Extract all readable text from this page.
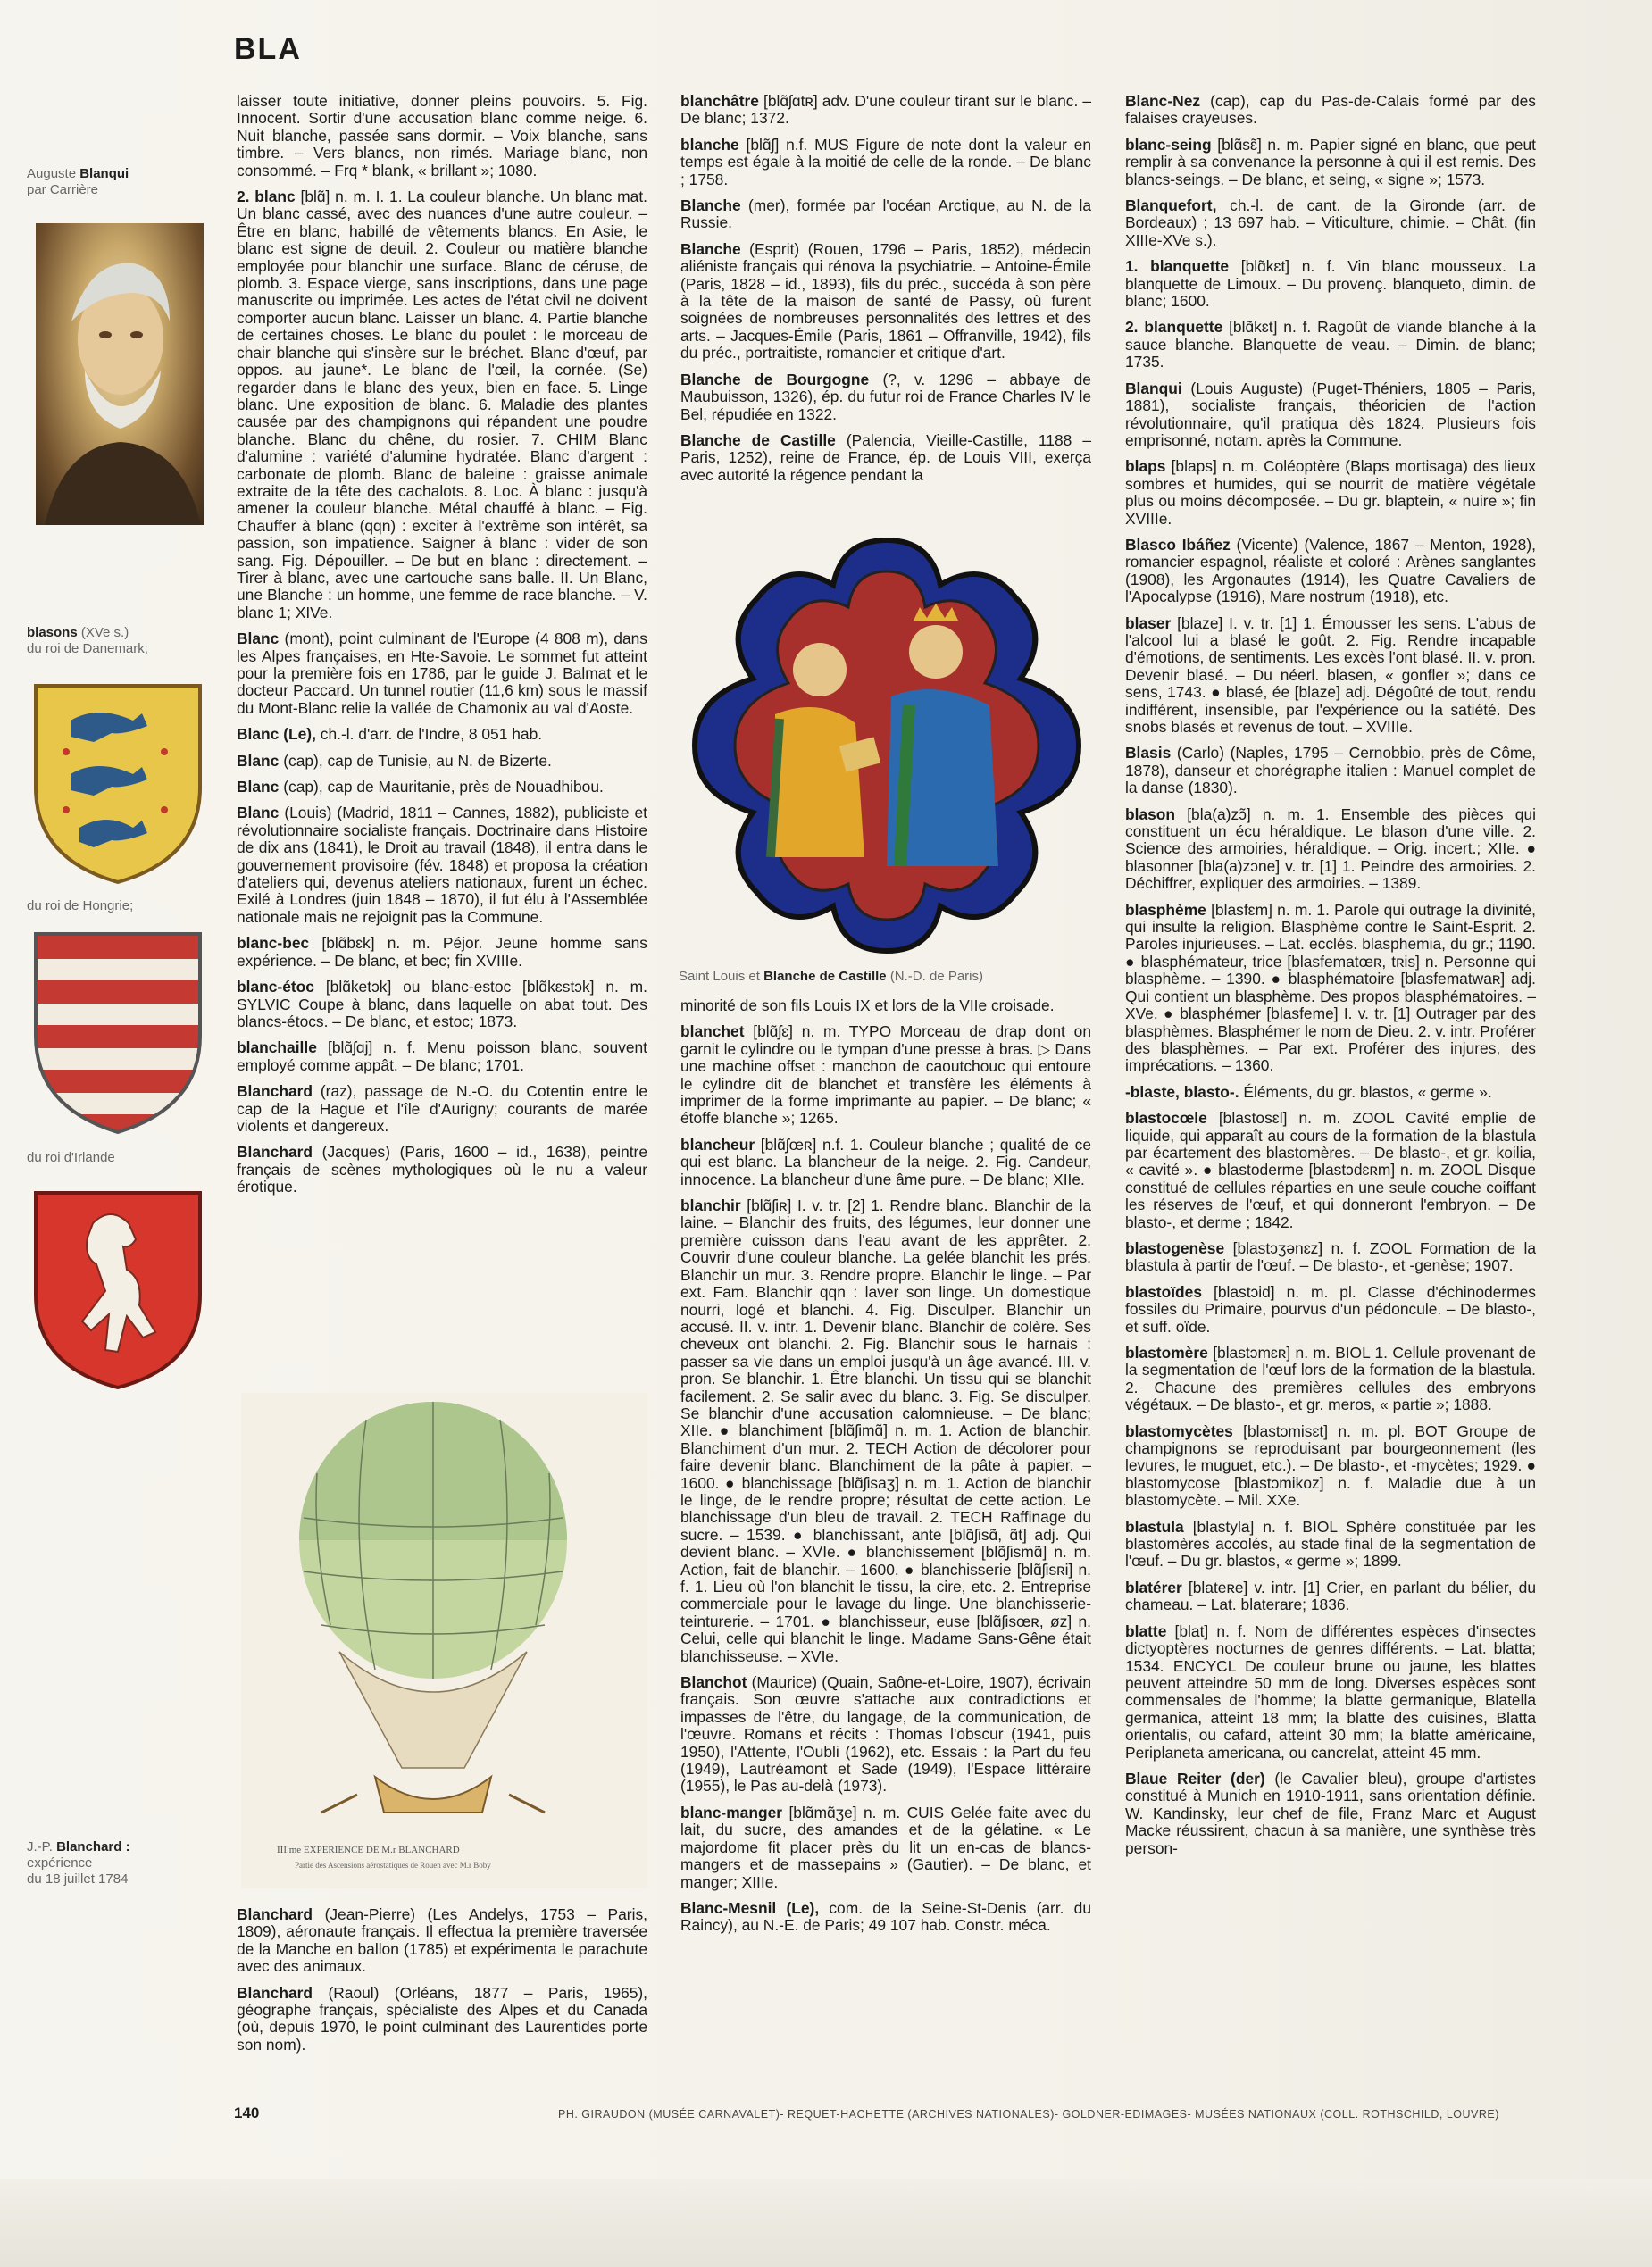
BLA
Auguste Blanqui
par Carrière
blasons (XVe s.)
du roi de Danemark;
du roi de Hongrie;
du roi d'Irlande
III.me EXPERIENCE DE M.r BLANCHARD
Partie des Ascensions aérostatiques de Rouen avec M.r Boby
J.-P. Blanchard :
expérience
du 18 juillet 1784

laisser toute initiative, donner pleins pouvoirs. 5. Fig. Innocent. Sortir d'une accusation blanc comme neige. 6. Nuit blanche, passée sans dormir. – Voix blanche, sans timbre. – Vers blancs, non rimés. Mariage blanc, non consommé. – Frq * blank, « brillant »; 1080.

2. blanc [blɑ̃] n. m. I. 1. La couleur blanche. Un blanc mat. Un blanc cassé, avec des nuances d'une autre couleur. – Être en blanc, habillé de vêtements blancs. En Asie, le blanc est signe de deuil. 2. Couleur ou matière blanche employée pour blanchir une surface. Blanc de céruse, de plomb. 3. Espace vierge, sans inscriptions, dans une page manuscrite ou imprimée. Les actes de l'état civil ne doivent comporter aucun blanc. Laisser un blanc. 4. Partie blanche de certaines choses. Le blanc du poulet : le morceau de chair blanche qui s'insère sur le bréchet. Blanc d'œuf, par oppos. au jaune*. Le blanc de l'œil, la cornée. (Se) regarder dans le blanc des yeux, bien en face. 5. Linge blanc. Une exposition de blanc. 6. Maladie des plantes causée par des champignons qui répandent une poudre blanche. Blanc du chêne, du rosier. 7. CHIM Blanc d'alumine : variété d'alumine hydratée. Blanc d'argent : carbonate de plomb. Blanc de baleine : graisse animale extraite de la tête des cachalots. 8. Loc. À blanc : jusqu'à amener la couleur blanche. Métal chauffé à blanc. – Fig. Chauffer à blanc (qqn) : exciter à l'extrême son intérêt, sa passion, son impatience. Saigner à blanc : vider de son sang. Fig. Dépouiller. – De but en blanc : directement. – Tirer à blanc, avec une cartouche sans balle. II. Un Blanc, une Blanche : un homme, une femme de race blanche. – V. blanc 1; XIVe.

Blanc (mont), point culminant de l'Europe (4 808 m), dans les Alpes françaises, en Hte-Savoie. Le sommet fut atteint pour la première fois en 1786, par le guide J. Balmat et le docteur Paccard. Un tunnel routier (11,6 km) sous le massif du Mont-Blanc relie la vallée de Chamonix au val d'Aoste.

Blanc (Le), ch.-l. d'arr. de l'Indre, 8 051 hab.

Blanc (cap), cap de Tunisie, au N. de Bizerte.

Blanc (cap), cap de Mauritanie, près de Nouadhibou.

Blanc (Louis) (Madrid, 1811 – Cannes, 1882), publiciste et révolutionnaire socialiste français. Doctrinaire dans Histoire de dix ans (1841), le Droit au travail (1848), il entra dans le gouvernement provisoire (fév. 1848) et proposa la création d'ateliers qui, devenus ateliers nationaux, furent un échec. Exilé à Londres (juin 1848 – 1870), il fut élu à l'Assemblée nationale mais ne rejoignit pas la Commune.

blanc-bec [blɑ̃bɛk] n. m. Péjor. Jeune homme sans expérience. – De blanc, et bec; fin XVIIIe.

blanc-étoc [blɑ̃ketɔk] ou blanc-estoc [blɑ̃kɛstɔk] n. m. SYLVIC Coupe à blanc, dans laquelle on abat tout. Des blancs-étocs. – De blanc, et estoc; 1873.

blanchaille [blɑ̃ʃɑj] n. f. Menu poisson blanc, souvent employé comme appât. – De blanc; 1701.

Blanchard (raz), passage de N.-O. du Cotentin entre le cap de la Hague et l'île d'Aurigny; courants de marée violents et dangereux.

Blanchard (Jacques) (Paris, 1600 – id., 1638), peintre français de scènes mythologiques où le nu a valeur érotique.

Blanchard (Jean-Pierre) (Les Andelys, 1753 – Paris, 1809), aéronaute français. Il effectua la première traversée de la Manche en ballon (1785) et expérimenta le parachute avec des animaux.

Blanchard (Raoul) (Orléans, 1877 – Paris, 1965), géographe français, spécialiste des Alpes et du Canada (où, depuis 1970, le point culminant des Laurentides porte son nom).

blanchâtre [blɑ̃ʃɑtʀ] adv. D'une couleur tirant sur le blanc. – De blanc; 1372.

blanche [blɑ̃ʃ] n.f. MUS Figure de note dont la valeur en temps est égale à la moitié de celle de la ronde. – De blanc ; 1758.

Blanche (mer), formée par l'océan Arctique, au N. de la Russie.

Blanche (Esprit) (Rouen, 1796 – Paris, 1852), médecin aliéniste français qui rénova la psychiatrie. – Antoine-Émile (Paris, 1828 – id., 1893), fils du préc., succéda à son père à la tête de la maison de santé de Passy, où furent soignées de nombreuses personnalités des lettres et des arts. – Jacques-Émile (Paris, 1861 – Offranville, 1942), fils du préc., portraitiste, romancier et critique d'art.

Blanche de Bourgogne (?, v. 1296 – abbaye de Maubuisson, 1326), ép. du futur roi de France Charles IV le Bel, répudiée en 1322.

Blanche de Castille (Palencia, Vieille-Castille, 1188 – Paris, 1252), reine de France, ép. de Louis VIII, exerça avec autorité la régence pendant la

Saint Louis et Blanche de Castille (N.-D. de Paris)

minorité de son fils Louis IX et lors de la VIIe croisade.

blanchet [blɑ̃ʃɛ] n. m. TYPO Morceau de drap dont on garnit le cylindre ou le tympan d'une presse à bras. ▷ Dans une machine offset : manchon de caoutchouc qui entoure le cylindre dit de blanchet et transfère les éléments à imprimer de la forme imprimante au papier. – De blanc; « étoffe blanche »; 1265.

blancheur [blɑ̃ʃœʀ] n.f. 1. Couleur blanche ; qualité de ce qui est blanc. La blancheur de la neige. 2. Fig. Candeur, innocence. La blancheur d'une âme pure. – De blanc; XIIe.

blanchir [blɑ̃ʃiʀ] I. v. tr. [2] 1. Rendre blanc. Blanchir de la laine. – Blanchir des fruits, des légumes, leur donner une première cuisson dans l'eau avant de les apprêter. 2. Couvrir d'une couleur blanche. La gelée blanchit les prés. Blanchir un mur. 3. Rendre propre. Blanchir le linge. – Par ext. Fam. Blanchir qqn : laver son linge. Un domestique nourri, logé et blanchi. 4. Fig. Disculper. Blanchir un accusé. II. v. intr. 1. Devenir blanc. Blanchir de colère. Ses cheveux ont blanchi. 2. Fig. Blanchir sous le harnais : passer sa vie dans un emploi jusqu'à un âge avancé. III. v. pron. Se blanchir. 1. Être blanchi. Un tissu qui se blanchit facilement. 2. Se salir avec du blanc. 3. Fig. Se disculper. Se blanchir d'une accusation calomnieuse. – De blanc; XIIe. ● blanchiment [blɑ̃ʃimɑ̃] n. m. 1. Action de blanchir. Blanchiment d'un mur. 2. TECH Action de décolorer pour faire devenir blanc. Blanchiment de la pâte à papier. – 1600. ● blanchissage [blɑ̃ʃisaʒ] n. m. 1. Action de blanchir le linge, de le rendre propre; résultat de cette action. Le blanchissage d'un bleu de travail. 2. TECH Raffinage du sucre. – 1539. ● blanchissant, ante [blɑ̃ʃisɑ̃, ɑ̃t] adj. Qui devient blanc. – XVIe. ● blanchissement [blɑ̃ʃismɑ̃] n. m. Action, fait de blanchir. – 1600. ● blanchisserie [blɑ̃ʃisʀi] n. f. 1. Lieu où l'on blanchit le tissu, la cire, etc. 2. Entreprise commerciale pour le lavage du linge. Une blanchisserie-teinturerie. – 1701. ● blanchisseur, euse [blɑ̃ʃisœʀ, øz] n. Celui, celle qui blanchit le linge. Madame Sans-Gêne était blanchisseuse. – XVIe.

Blanchot (Maurice) (Quain, Saône-et-Loire, 1907), écrivain français. Son œuvre s'attache aux contradictions et impasses de l'être, du langage, de la communication, de l'œuvre. Romans et récits : Thomas l'obscur (1941, puis 1950), l'Attente, l'Oubli (1962), etc. Essais : la Part du feu (1949), Lautréamont et Sade (1949), l'Espace littéraire (1955), le Pas au-delà (1973).

blanc-manger [blɑ̃mɑ̃ʒe] n. m. CUIS Gelée faite avec du lait, du sucre, des amandes et de la gélatine. « Le majordome fit placer près du lit un en-cas de blancs-mangers et de massepains » (Gautier). – De blanc, et manger; XIIIe.

Blanc-Mesnil (Le), com. de la Seine-St-Denis (arr. du Raincy), au N.-E. de Paris; 49 107 hab. Constr. méca.

Blanc-Nez (cap), cap du Pas-de-Calais formé par des falaises crayeuses.

blanc-seing [blɑ̃sɛ̃] n. m. Papier signé en blanc, que peut remplir à sa convenance la personne à qui il est remis. Des blancs-seings. – De blanc, et seing, « signe »; 1573.

Blanquefort, ch.-l. de cant. de la Gironde (arr. de Bordeaux) ; 13 697 hab. – Viticulture, chimie. – Chât. (fin XIIIe-XVe s.).

1. blanquette [blɑ̃kɛt] n. f. Vin blanc mousseux. La blanquette de Limoux. – Du provenç. blanqueto, dimin. de blanc; 1600.

2. blanquette [blɑ̃kɛt] n. f. Ragoût de viande blanche à la sauce blanche. Blanquette de veau. – Dimin. de blanc; 1735.

Blanqui (Louis Auguste) (Puget-Théniers, 1805 – Paris, 1881), socialiste français, théoricien de l'action révolutionnaire, qu'il pratiqua dès 1824. Plusieurs fois emprisonné, notam. après la Commune.

blaps [blaps] n. m. Coléoptère (Blaps mortisaga) des lieux sombres et humides, qui se nourrit de matière végétale plus ou moins décomposée. – Du gr. blaptein, « nuire »; fin XVIIIe.

Blasco Ibáñez (Vicente) (Valence, 1867 – Menton, 1928), romancier espagnol, réaliste et coloré : Arènes sanglantes (1908), les Argonautes (1914), les Quatre Cavaliers de l'Apocalypse (1916), Mare nostrum (1918), etc.

blaser [blaze] I. v. tr. [1] 1. Émousser les sens. L'abus de l'alcool lui a blasé le goût. 2. Fig. Rendre incapable d'émotions, de sentiments. Les excès l'ont blasé. II. v. pron. Devenir blasé. – Du néerl. blasen, « gonfler »; dans ce sens, 1743. ● blasé, ée [blaze] adj. Dégoûté de tout, rendu indifférent, insensible, par l'expérience ou la satiété. Des snobs blasés et revenus de tout. – XVIIIe.

Blasis (Carlo) (Naples, 1795 – Cernobbio, près de Côme, 1878), danseur et chorégraphe italien : Manuel complet de la danse (1830).

blason [bla(a)zɔ̃] n. m. 1. Ensemble des pièces qui constituent un écu héraldique. Le blason d'une ville. 2. Science des armoiries, héraldique. – Orig. incert.; XIIe. ● blasonner [bla(a)zɔne] v. tr. [1] 1. Peindre des armoiries. 2. Déchiffrer, expliquer des armoiries. – 1389.

blasphème [blasfɛm] n. m. 1. Parole qui outrage la divinité, qui insulte la religion. Blasphème contre le Saint-Esprit. 2. Paroles injurieuses. – Lat. ecclés. blasphemia, du gr.; 1190. ● blasphémateur, trice [blasfematœʀ, tʀis] n. Personne qui blasphème. – 1390. ● blasphématoire [blasfematwaʀ] adj. Qui contient un blasphème. Des propos blasphématoires. – XVe. ● blasphémer [blasfeme] I. v. tr. [1] Outrager par des blasphèmes. Blasphémer le nom de Dieu. 2. v. intr. Proférer des blasphèmes. – Par ext. Proférer des injures, des imprécations. – 1360.

-blaste, blasto-. Éléments, du gr. blastos, « germe ».

blastocœle [blastosɛl] n. m. ZOOL Cavité emplie de liquide, qui apparaît au cours de la formation de la blastula par écartement des blastomères. – De blasto-, et gr. koilia, « cavité ». ● blastoderme [blastɔdɛʀm] n. m. ZOOL Disque constitué de cellules réparties en une seule couche coiffant les réserves de l'œuf, et qui donneront l'embryon. – De blasto-, et derme ; 1842.

blastogenèse [blastɔʒənɛz] n. f. ZOOL Formation de la blastula à partir de l'œuf. – De blasto-, et -genèse; 1907.

blastoïdes [blastɔid] n. m. pl. Classe d'échinodermes fossiles du Primaire, pourvus d'un pédoncule. – De blasto-, et suff. oïde.

blastomère [blastɔmɛʀ] n. m. BIOL 1. Cellule provenant de la segmentation de l'œuf lors de la formation de la blastula. 2. Chacune des premières cellules des embryons végétaux. – De blasto-, et gr. meros, « partie »; 1888.

blastomycètes [blastɔmisɛt] n. m. pl. BOT Groupe de champignons se reproduisant par bourgeonnement (les levures, le muguet, etc.). – De blasto-, et -mycètes; 1929. ● blastomycose [blastɔmikoz] n. f. Maladie due à un blastomycète. – Mil. XXe.

blastula [blastyla] n. f. BIOL Sphère constituée par les blastomères accolés, au stade final de la segmentation de l'œuf. – Du gr. blastos, « germe »; 1899.

blatérer [blateʀe] v. intr. [1] Crier, en parlant du bélier, du chameau. – Lat. blaterare; 1836.

blatte [blat] n. f. Nom de différentes espèces d'insectes dictyoptères nocturnes de genres différents. – Lat. blatta; 1534. ENCYCL De couleur brune ou jaune, les blattes peuvent atteindre 50 mm de long. Diverses espèces sont commensales de l'homme; la blatte germanique, Blatella germanica, atteint 18 mm; la blatte des cuisines, Blatta orientalis, ou cafard, atteint 30 mm; la blatte américaine, Periplaneta americana, ou cancrelat, atteint 45 mm.

Blaue Reiter (der) (le Cavalier bleu), groupe d'artistes constitué à Munich en 1910-1911, sans orientation définie. W. Kandinsky, leur chef de file, Franz Marc et August Macke réussirent, chacun à sa manière, une synthèse très person-

140	PH. GIRAUDON (MUSÉE CARNAVALET)- REQUET-HACHETTE (ARCHIVES NATIONALES)- GOLDNER-EDIMAGES- MUSÉES NATIONAUX (COLL. ROTHSCHILD, LOUVRE)
